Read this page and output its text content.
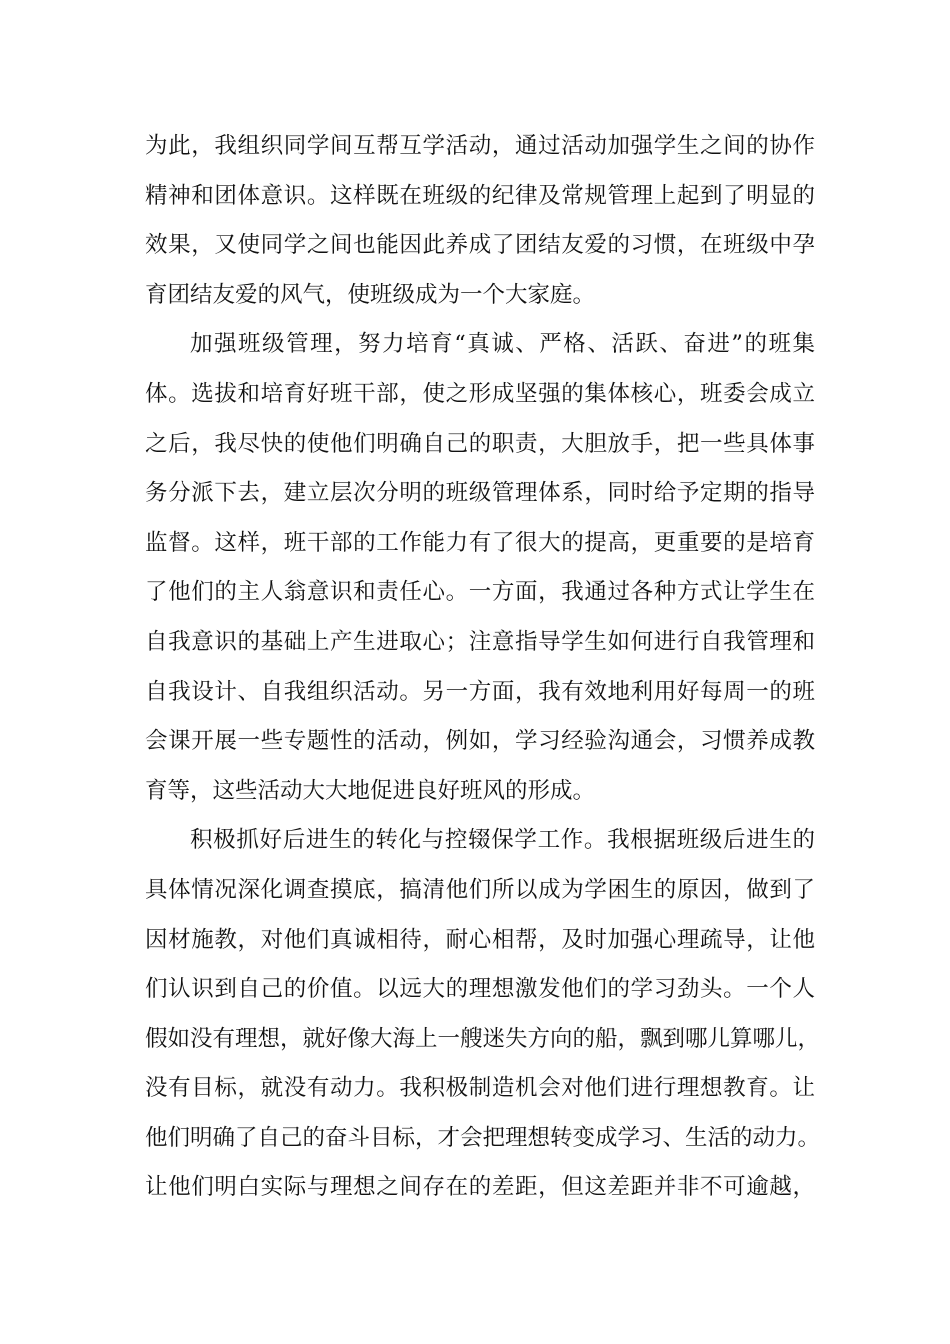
为此，我组织同学间互帮互学活动，通过活动加强学生之间的协作
精神和团体意识。这样既在班级的纪律及常规管理上起到了明显的
效果，又使同学之间也能因此养成了团结友爱的习惯，在班级中孕
育团结友爱的风气，使班级成为一个大家庭。
加强班级管理，努力培育“真诚、严格、活跃、奋进”的班集
体。选拔和培育好班干部，使之形成坚强的集体核心，班委会成立
之后，我尽快的使他们明确自己的职责，大胆放手，把一些具体事
务分派下去，建立层次分明的班级管理体系，同时给予定期的指导
监督。这样，班干部的工作能力有了很大的提高，更重要的是培育
了他们的主人翁意识和责任心。一方面，我通过各种方式让学生在
自我意识的基础上产生进取心；注意指导学生如何进行自我管理和
自我设计、自我组织活动。另一方面，我有效地利用好每周一的班
会课开展一些专题性的活动，例如，学习经验沟通会，习惯养成教
育等，这些活动大大地促进良好班风的形成。
积极抓好后进生的转化与控辍保学工作。我根据班级后进生的
具体情况深化调查摸底，搞清他们所以成为学困生的原因，做到了
因材施教，对他们真诚相待，耐心相帮，及时加强心理疏导，让他
们认识到自己的价值。以远大的理想激发他们的学习劲头。一个人
假如没有理想，就好像大海上一艘迷失方向的船，飘到哪儿算哪儿，
没有目标，就没有动力。我积极制造机会对他们进行理想教育。让
他们明确了自己的奋斗目标，才会把理想转变成学习、生活的动力。
让他们明白实际与理想之间存在的差距，但这差距并非不可逾越，
